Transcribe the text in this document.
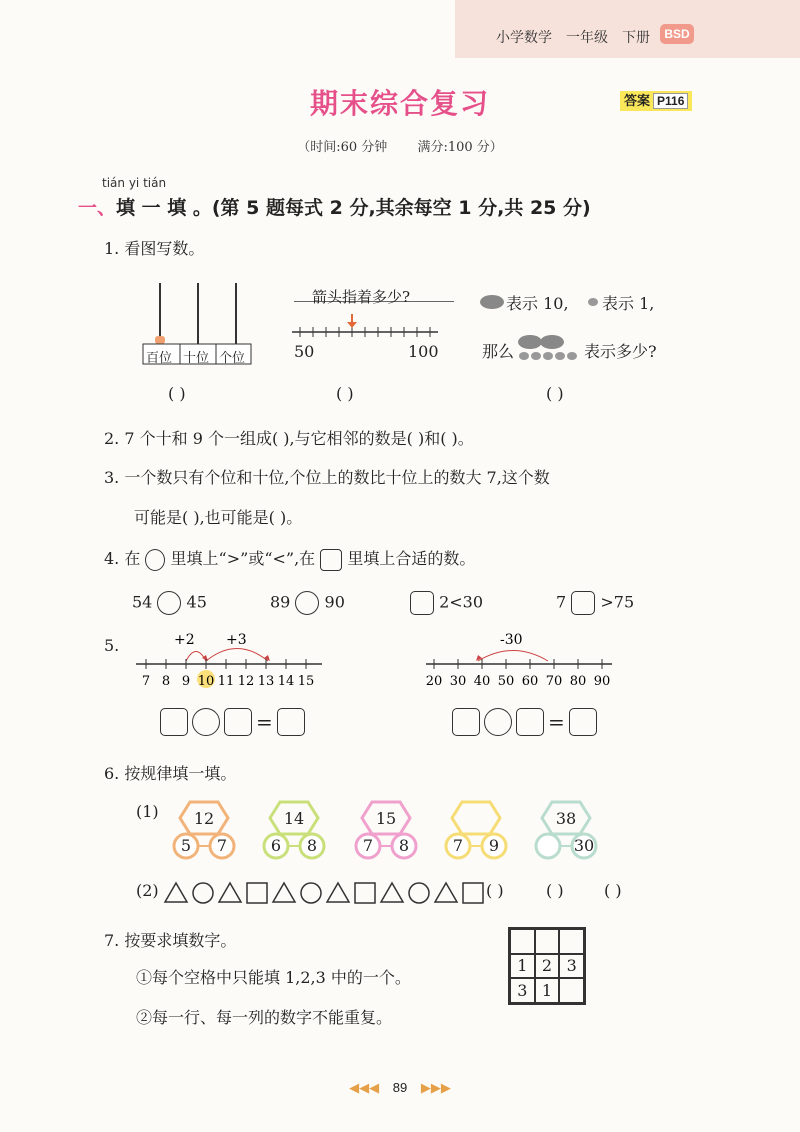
小学数学 一年级 下册	BSD
期末综合复习	答案 P116
（时间:60 分钟 满分:100 分）
tián yi tián
一、填 一 填 。(第 5 题每式 2 分,其余每空 1 分,共 25 分)
1. 看图写数。
百位 十位 个位
( )
箭头指着多少?
50	100
( )
表示 10, 表示 1,
那么	表示多少?
( )
2. 7 个十和 9 个一组成( ),与它相邻的数是( )和( )。
3. 一个数只有个位和十位,个位上的数比十位上的数大 7,这个数
可能是( ),也可能是( )。
4. 在 里填上“>”或“<”,在 里填上合适的数。
54 45	89 90	2<30	7 >75
5.	+2 +3
7 8 9 10 11 12 13 14 15
-30
20 30 40 50 60 70 80 90
=	=
6. 按规律填一填。
(1) 12
5	7
14
6	8
15
7	8	7	9
38
30
(2)	( )	( )	( )
7. 按要求填数字。
①每个空格中只能填 1,2,3 中的一个。
②每一行、每一列的数字不能重复。
1 2 3
3 1
◀◀◀ 89 ▶▶▶
